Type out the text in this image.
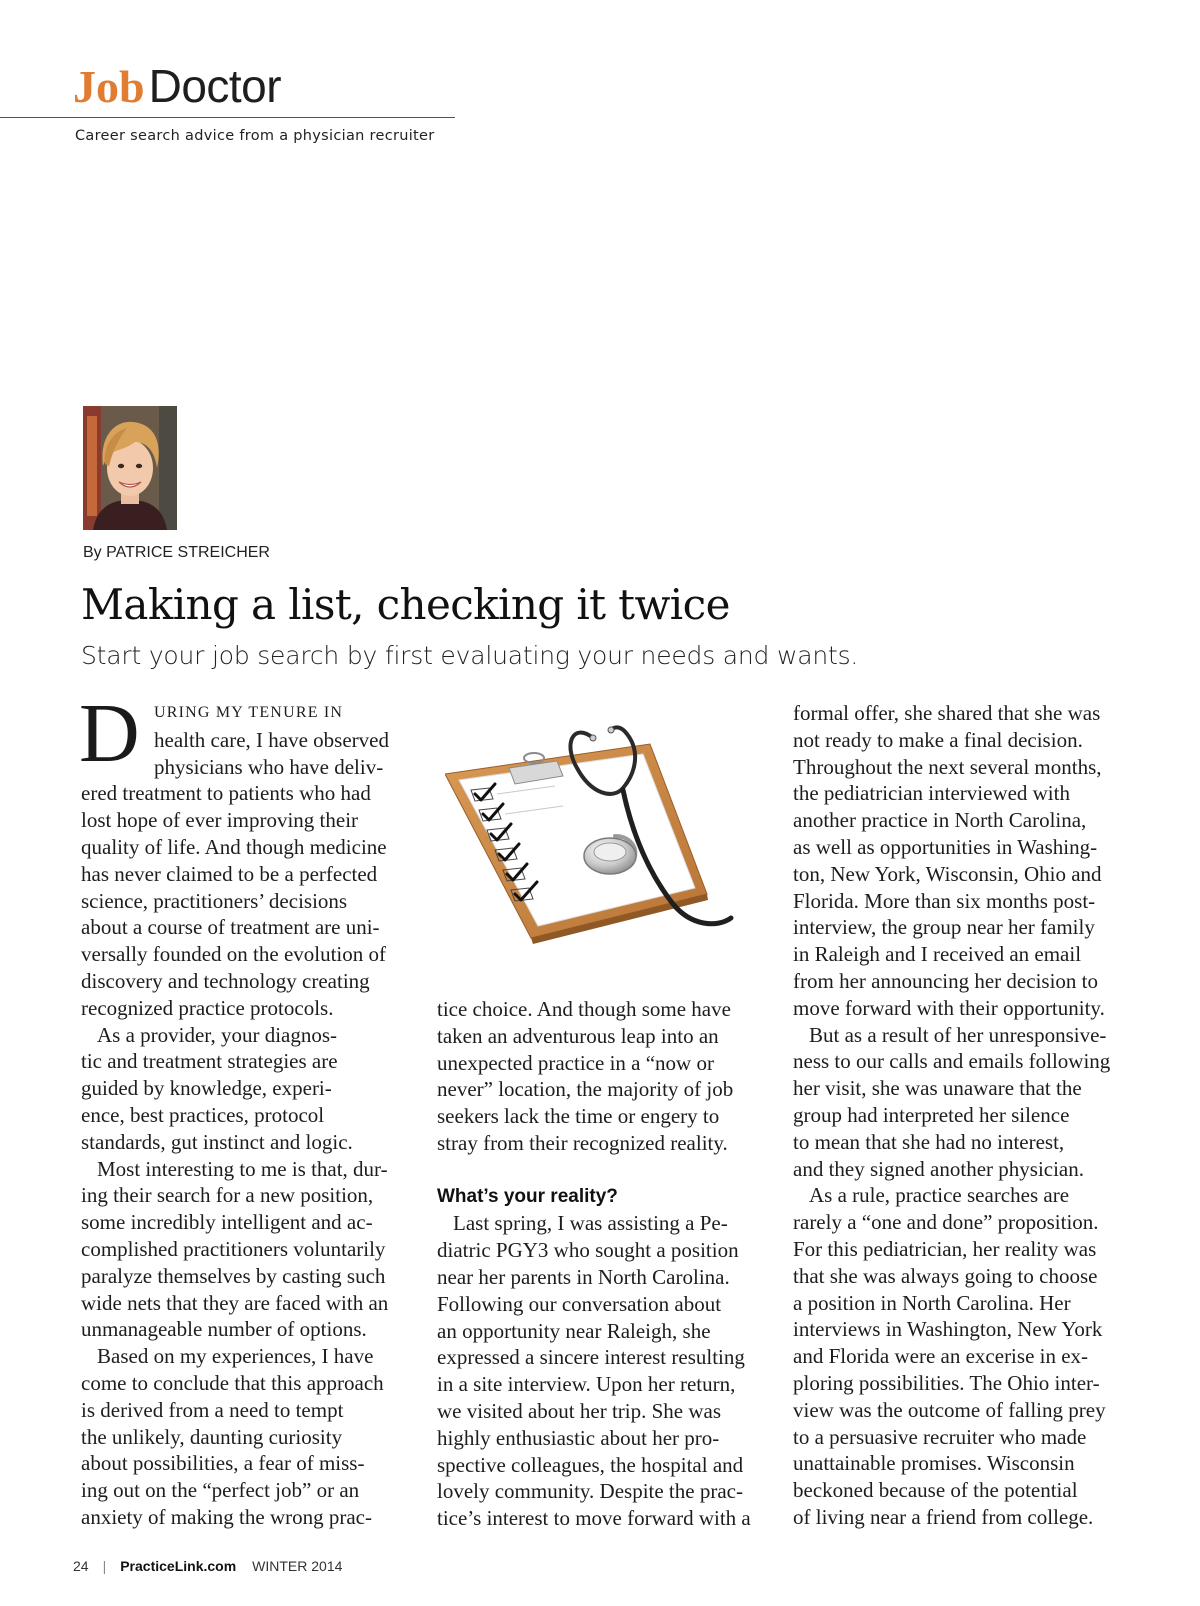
JobDoctor
Career search advice from a physician recruiter
By PATRICE STREICHER
Making a list, checking it twice
Start your job search by first evaluating your needs and wants.
D URING MY TENURE IN
health care, I have observed
physicians who have deliv-
ered treatment to patients who had
lost hope of ever improving their
quality of life. And though medicine
has never claimed to be a perfected
science, practitioners’ decisions
about a course of treatment are uni-
versally founded on the evolution of
discovery and technology creating
recognized practice protocols.
As a provider, your diagnos-
tic and treatment strategies are
guided by knowledge, experi-
ence, best practices, protocol
standards, gut instinct and logic.
Most interesting to me is that, dur-
ing their search for a new position,
some incredibly intelligent and ac-
complished practitioners voluntarily
paralyze themselves by casting such
wide nets that they are faced with an
unmanageable number of options.
Based on my experiences, I have
come to conclude that this approach
is derived from a need to tempt
the unlikely, daunting curiosity
about possibilities, a fear of miss-
ing out on the “perfect job” or an
anxiety of making the wrong prac-
tice choice. And though some have
taken an adventurous leap into an
unexpected practice in a “now or
never” location, the majority of job
seekers lack the time or engery to
stray from their recognized reality.
What’s your reality?
Last spring, I was assisting a Pe-
diatric PGY3 who sought a position
near her parents in North Carolina.
Following our conversation about
an opportunity near Raleigh, she
expressed a sincere interest resulting
in a site interview. Upon her return,
we visited about her trip. She was
highly enthusiastic about her pro-
spective colleagues, the hospital and
lovely community. Despite the prac-
tice’s interest to move forward with a
formal offer, she shared that she was
not ready to make a final decision.
Throughout the next several months,
the pediatrician interviewed with
another practice in North Carolina,
as well as opportunities in Washing-
ton, New York, Wisconsin, Ohio and
Florida. More than six months post-
interview, the group near her family
in Raleigh and I received an email
from her announcing her decision to
move forward with their opportunity.
But as a result of her unresponsive-
ness to our calls and emails following
her visit, she was unaware that the
group had interpreted her silence
to mean that she had no interest,
and they signed another physician.
As a rule, practice searches are
rarely a “one and done” proposition.
For this pediatrician, her reality was
that she was always going to choose
a position in North Carolina. Her
interviews in Washington, New York
and Florida were an excerise in ex-
ploring possibilities. The Ohio inter-
view was the outcome of falling prey
to a persuasive recruiter who made
unattainable promises. Wisconsin
beckoned because of the potential
of living near a friend from college.
24 | PracticeLink.com WINTER 2014
